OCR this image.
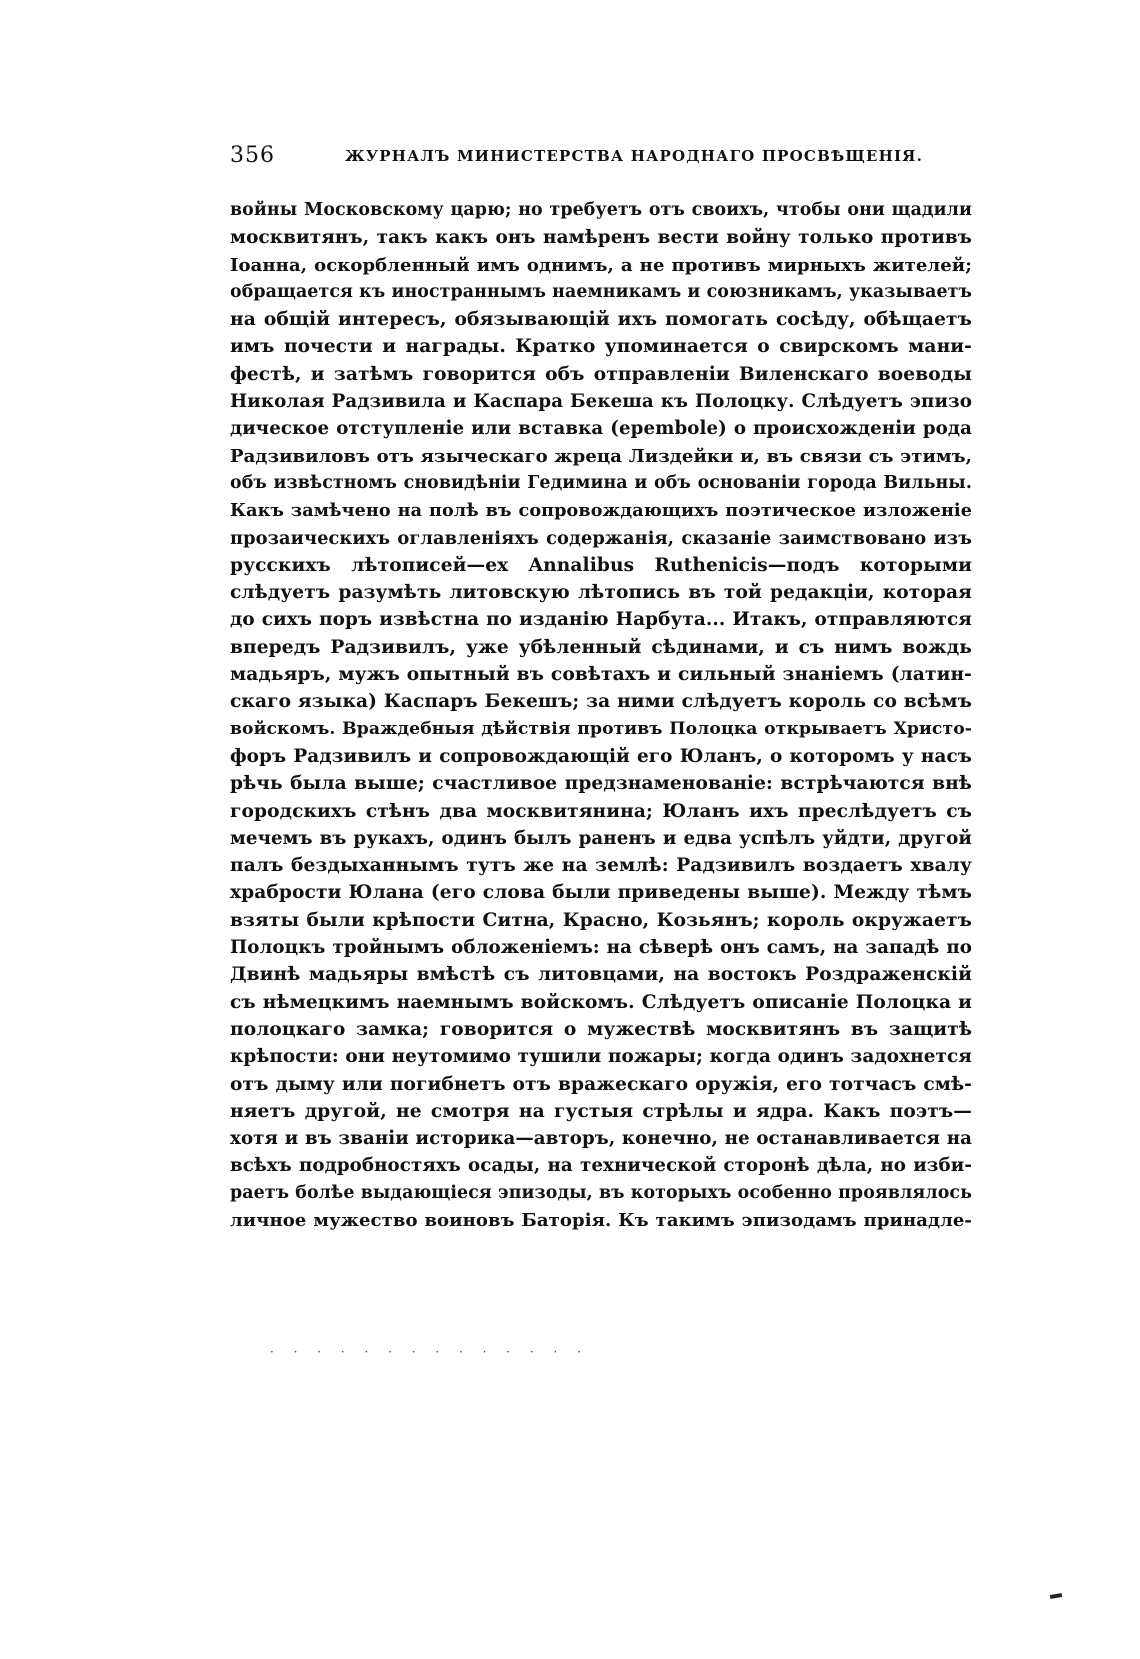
356	ЖУРНАЛЪ МИНИСТЕРСТВА НАРОДНАГО ПРОСВѢЩЕНІЯ.
войны Московскому царю; но требуетъ отъ своихъ, чтобы они щадили
москвитянъ, такъ какъ онъ намѣренъ вести войну только противъ
Іоанна, оскорбленный имъ однимъ, а не противъ мирныхъ жителей;
обращается къ иностраннымъ наемникамъ и союзникамъ, указываетъ
на общій интересъ, обязывающій ихъ помогать сосѣду, обѣщаетъ
имъ почести и награды. Кратко упоминается о свирскомъ мани-
фестѣ, и затѣмъ говорится объ отправленіи Виленскаго воеводы
Николая Радзивила и Каспара Бекеша къ Полоцку. Слѣдуетъ эпизо
дическое отступленіе или вставка (eрembole) о происхожденіи рода
Радзивиловъ отъ языческаго жреца Лиздейки и, въ связи съ этимъ,
объ извѣстномъ сновидѣніи Гедимина и объ основаніи города Вильны.
Какъ замѣчено на полѣ въ сопровождающихъ поэтическое изложеніе
прозаическихъ оглавленіяхъ содержанія, сказаніе заимствовано изъ
русскихъ лѣтописей—ex Annalibus Ruthenicis—подъ которыми
слѣдуетъ разумѣть литовскую лѣтопись въ той редакціи, которая
до сихъ поръ извѣстна по изданію Нарбута... Итакъ, отправляются
впередъ Радзивилъ, уже убѣленный сѣдинами, и съ нимъ вождь
мадьяръ, мужъ опытный въ совѣтахъ и сильный знаніемъ (латин-
скаго языка) Каспаръ Бекешъ; за ними слѣдуетъ король со всѣмъ
войскомъ. Враждебныя дѣйствія противъ Полоцка открываетъ Христо-
форъ Радзивилъ и сопровождающій его Юланъ, о которомъ у насъ
рѣчь была выше; счастливое предзнаменованіе: встрѣчаются внѣ
городскихъ стѣнъ два москвитянина; Юланъ ихъ преслѣдуетъ съ
мечемъ въ рукахъ, одинъ былъ раненъ и едва успѣлъ уйдти, другой
палъ бездыханнымъ тутъ же на землѣ: Радзивилъ воздаетъ хвалу
храбрости Юлана (его слова были приведены выше). Между тѣмъ
взяты были крѣпости Ситна, Красно, Козьянъ; король окружаетъ
Полоцкъ тройнымъ обложеніемъ: на сѣверѣ онъ самъ, на западѣ по
Двинѣ мадьяры вмѣстѣ съ литовцами, на востокъ Роздраженскій
съ нѣмецкимъ наемнымъ войскомъ. Слѣдуетъ описаніе Полоцка и
полоцкаго замка; говорится о мужествѣ москвитянъ въ защитѣ
крѣпости: они неутомимо тушили пожары; когда одинъ задохнется
отъ дыму или погибнетъ отъ вражескаго оружія, его тотчасъ смѣ-
няетъ другой, не смотря на густыя стрѣлы и ядра. Какъ поэтъ—
хотя и въ званіи историка—авторъ, конечно, не останавливается на
всѣхъ подробностяхъ осады, на технической сторонѣ дѣла, но изби-
раетъ болѣе выдающіеся эпизоды, въ которыхъ особенно проявлялось
личное мужество воиновъ Баторія. Къ такимъ эпизодамъ принадле-
· · · · · · · · · · · · · ·
